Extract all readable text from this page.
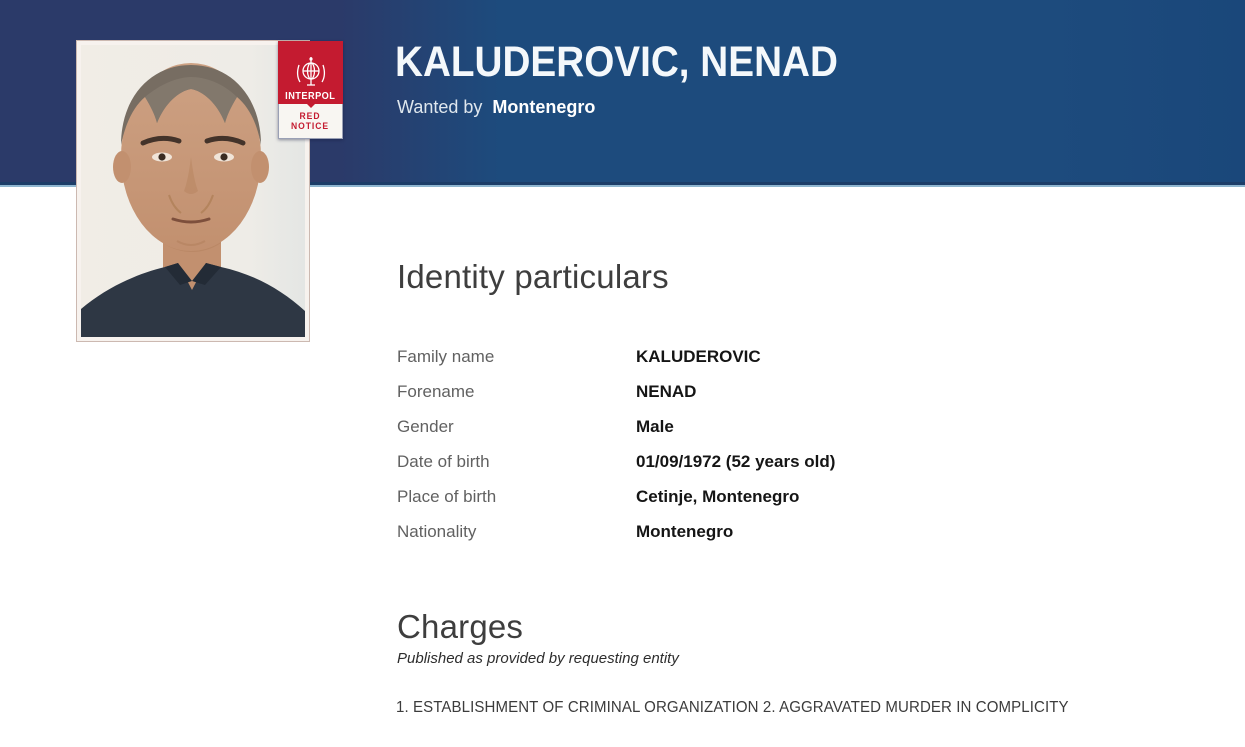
KALUDEROVIC, NENAD

Wanted by Montenegro

INTERPOL
RED
NOTICE
Identity particulars
Family name	KALUDEROVIC
Forename	NENAD
Gender	Male
Date of birth	01/09/1972 (52 years old)
Place of birth	Cetinje, Montenegro
Nationality	Montenegro
Charges

Published as provided by requesting entity

1. ESTABLISHMENT OF CRIMINAL ORGANIZATION 2. AGGRAVATED MURDER IN COMPLICITY
